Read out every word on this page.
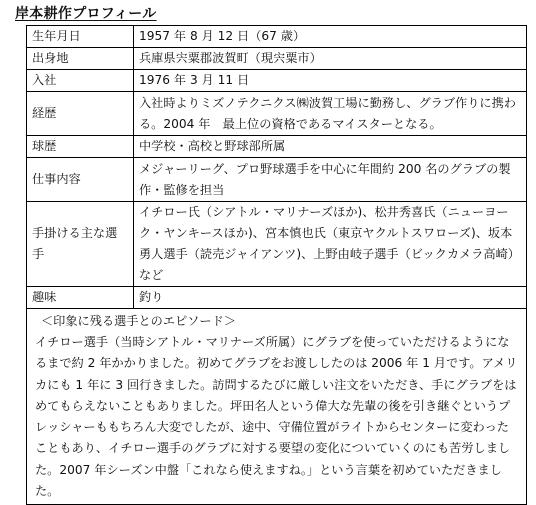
岸本耕作プロフィール
生年月日	1957 年 8 月 12 日（67 歳）
出身地	兵庫県宍粟郡波賀町（現宍粟市）
入社	1976 年 3 月 11 日
経歴	入社時よりミズノテクニクス㈱波賀工場に勤務し、グラブ作りに携わる。2004 年　最上位の資格であるマイスターとなる。
球歴	中学校・高校と野球部所属
仕事内容	メジャーリーグ、プロ野球選手を中心に年間約 200 名のグラブの製作・監修を担当
手掛ける主な選手	イチロー氏（シアトル・マリナーズほか)、松井秀喜氏（ニューヨーク・ヤンキースほか)、宮本慎也氏（東京ヤクルトスワローズ)、坂本勇人選手（読売ジャイアンツ)、上野由岐子選手（ビックカメラ高崎）など
趣味	釣り

＜印象に残る選手とのエピソード＞
イチロー選手（当時シアトル・マリナーズ所属）にグラブを使っていただけるようになるまで約 2 年かかりました。初めてグラブをお渡ししたのは 2006 年 1 月です。アメリカにも 1 年に 3 回行きました。訪問するたびに厳しい注文をいただき、手にグラブをはめてもらえないこともありました。坪田名人という偉大な先輩の後を引き継ぐというプレッシャーももちろん大変でしたが、途中、守備位置がライトからセンターに変わったこともあり、イチロー選手のグラブに対する要望の変化についていくのにも苦労しました。2007 年シーズン中盤「これなら使えますね。」という言葉を初めていただきました。	
